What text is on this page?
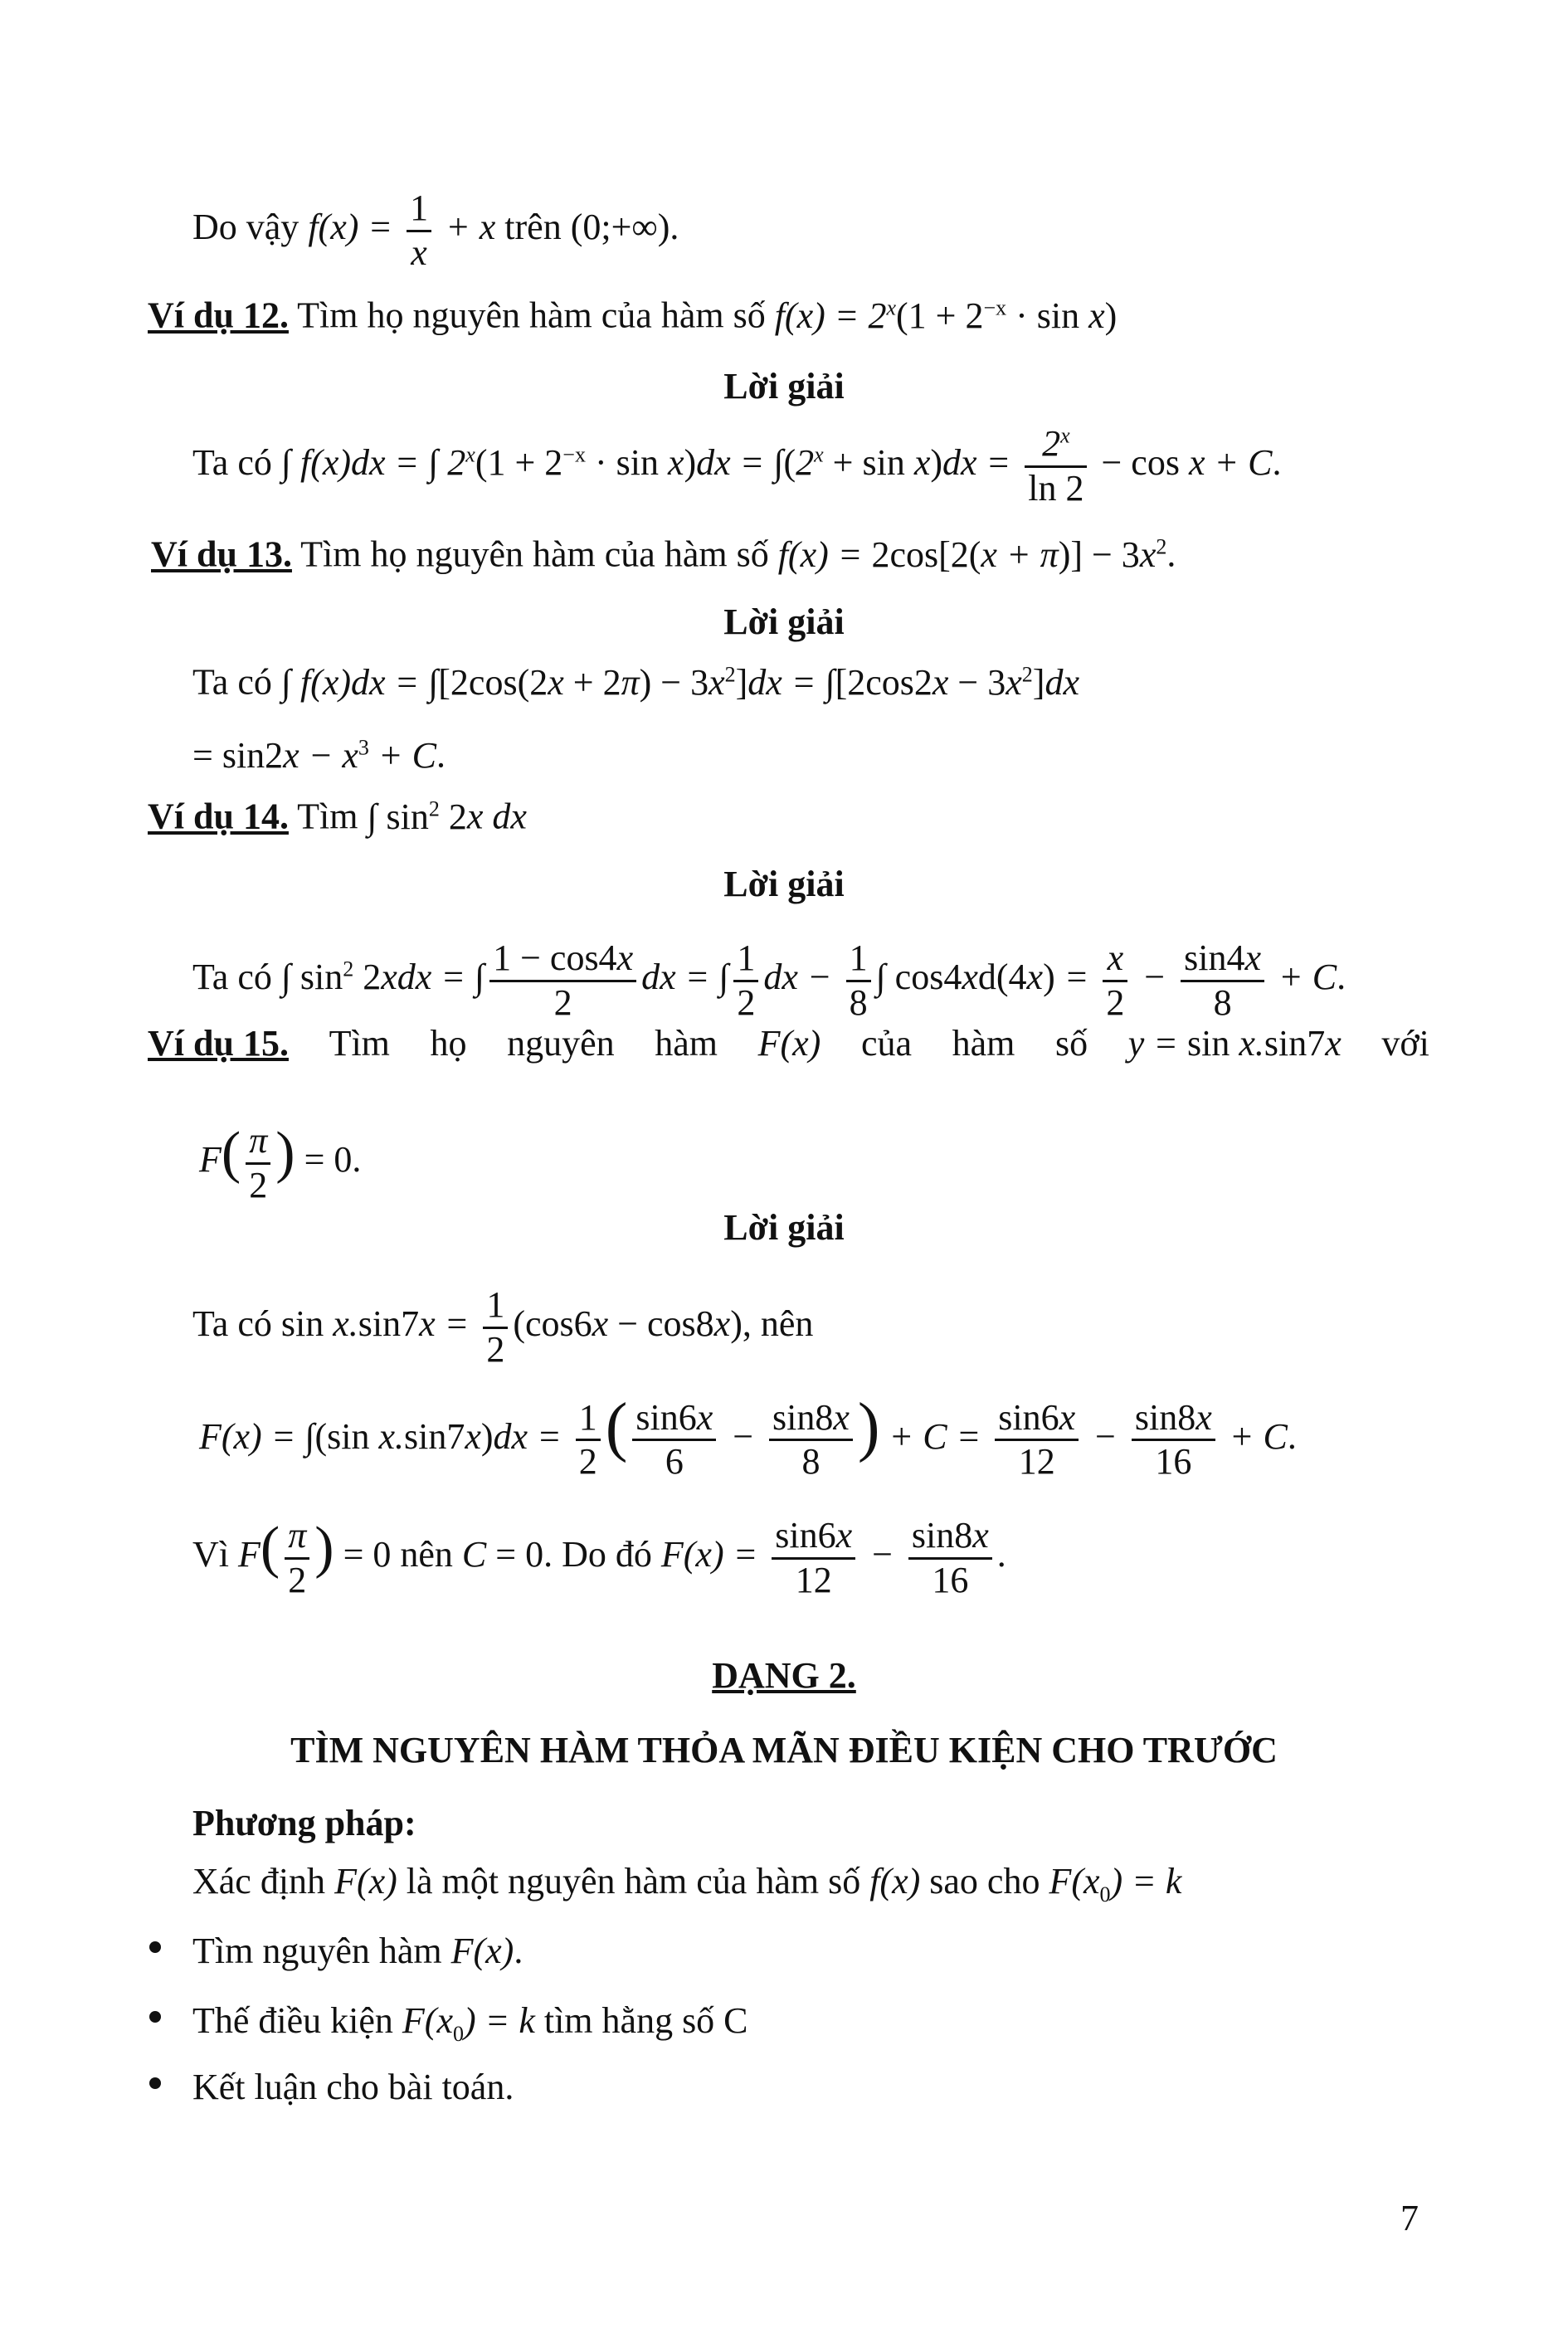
Do vậy $f(x) = \frac{1}{x} + x$ trên (0;+∞).
Ví dụ 12. Tìm họ nguyên hàm của hàm số $f(x) = 2^x(1 + 2^{-x} \cdot \sin x)$
Lời giải
Ta có ∫ f(x)dx = ∫ $2^x(1 + 2^{-x} \cdot \sin x)dx = \int(2^x + \sin x)dx = \frac{2^x}{\ln 2} - \cos x + C$.
Ví dụ 13. Tìm họ nguyên hàm của hàm số $f(x) = 2\cos[2(x + \pi)] - 3x^2$.
Lời giải
Ta có ∫ $f(x)dx = \int[2\cos(2x + 2\pi) - 3x^2]dx = \int[2\cos 2x - 3x^2]dx$
= $\sin 2x - x^3 + C$.
Ví dụ 14. Tìm ∫ $\sin^2 2x$ dx
Lời giải
Ta có ∫ $\sin^2 2xdx$ = ∫ $\frac{1 - \cos 4x}{2}$ dx = ∫ $\frac{1}{2}$ dx − $\frac{1}{8}$ ∫ $\cos 4xd(4x) = \frac{x}{2} - \frac{\sin 4x}{8} + C$.
Ví dụ 15. Tìm họ nguyên hàm F(x) của hàm số y = sin x.sin7x với
$F( \frac{\pi}{2}$ ) = 0.
Lời giải
Ta có $\sin x.\sin 7x = \frac{1}{2} (\cos 6x - \cos 8x)$, nên
F(x) = ∫(sin $x.\sin 7x)dx = \frac{1}{2}$ ( $\frac{\sin 6x}{6} - \frac{\sin 8x}{8}$ ) + $C = \frac{\sin 6x}{12} - \frac{\sin 8x}{16} + C$.
Vì $F( \frac{\pi}{2}$ ) = 0 nên C = 0. Do đó $F(x) = \frac{\sin 6x}{12} - \frac{\sin 8x}{16}$ .
DẠNG 2.
TÌM NGUYÊN HÀM THỎA MÃN ĐIỀU KIỆN CHO TRƯỚC
Phương pháp:
Xác định F(x) là một nguyên hàm của hàm số f(x) sao cho $F(x_0) = k$
Tìm nguyên hàm F(x).
Thế điều kiện $F(x_0) = k$ tìm hằng số C
Kết luận cho bài toán.
7
